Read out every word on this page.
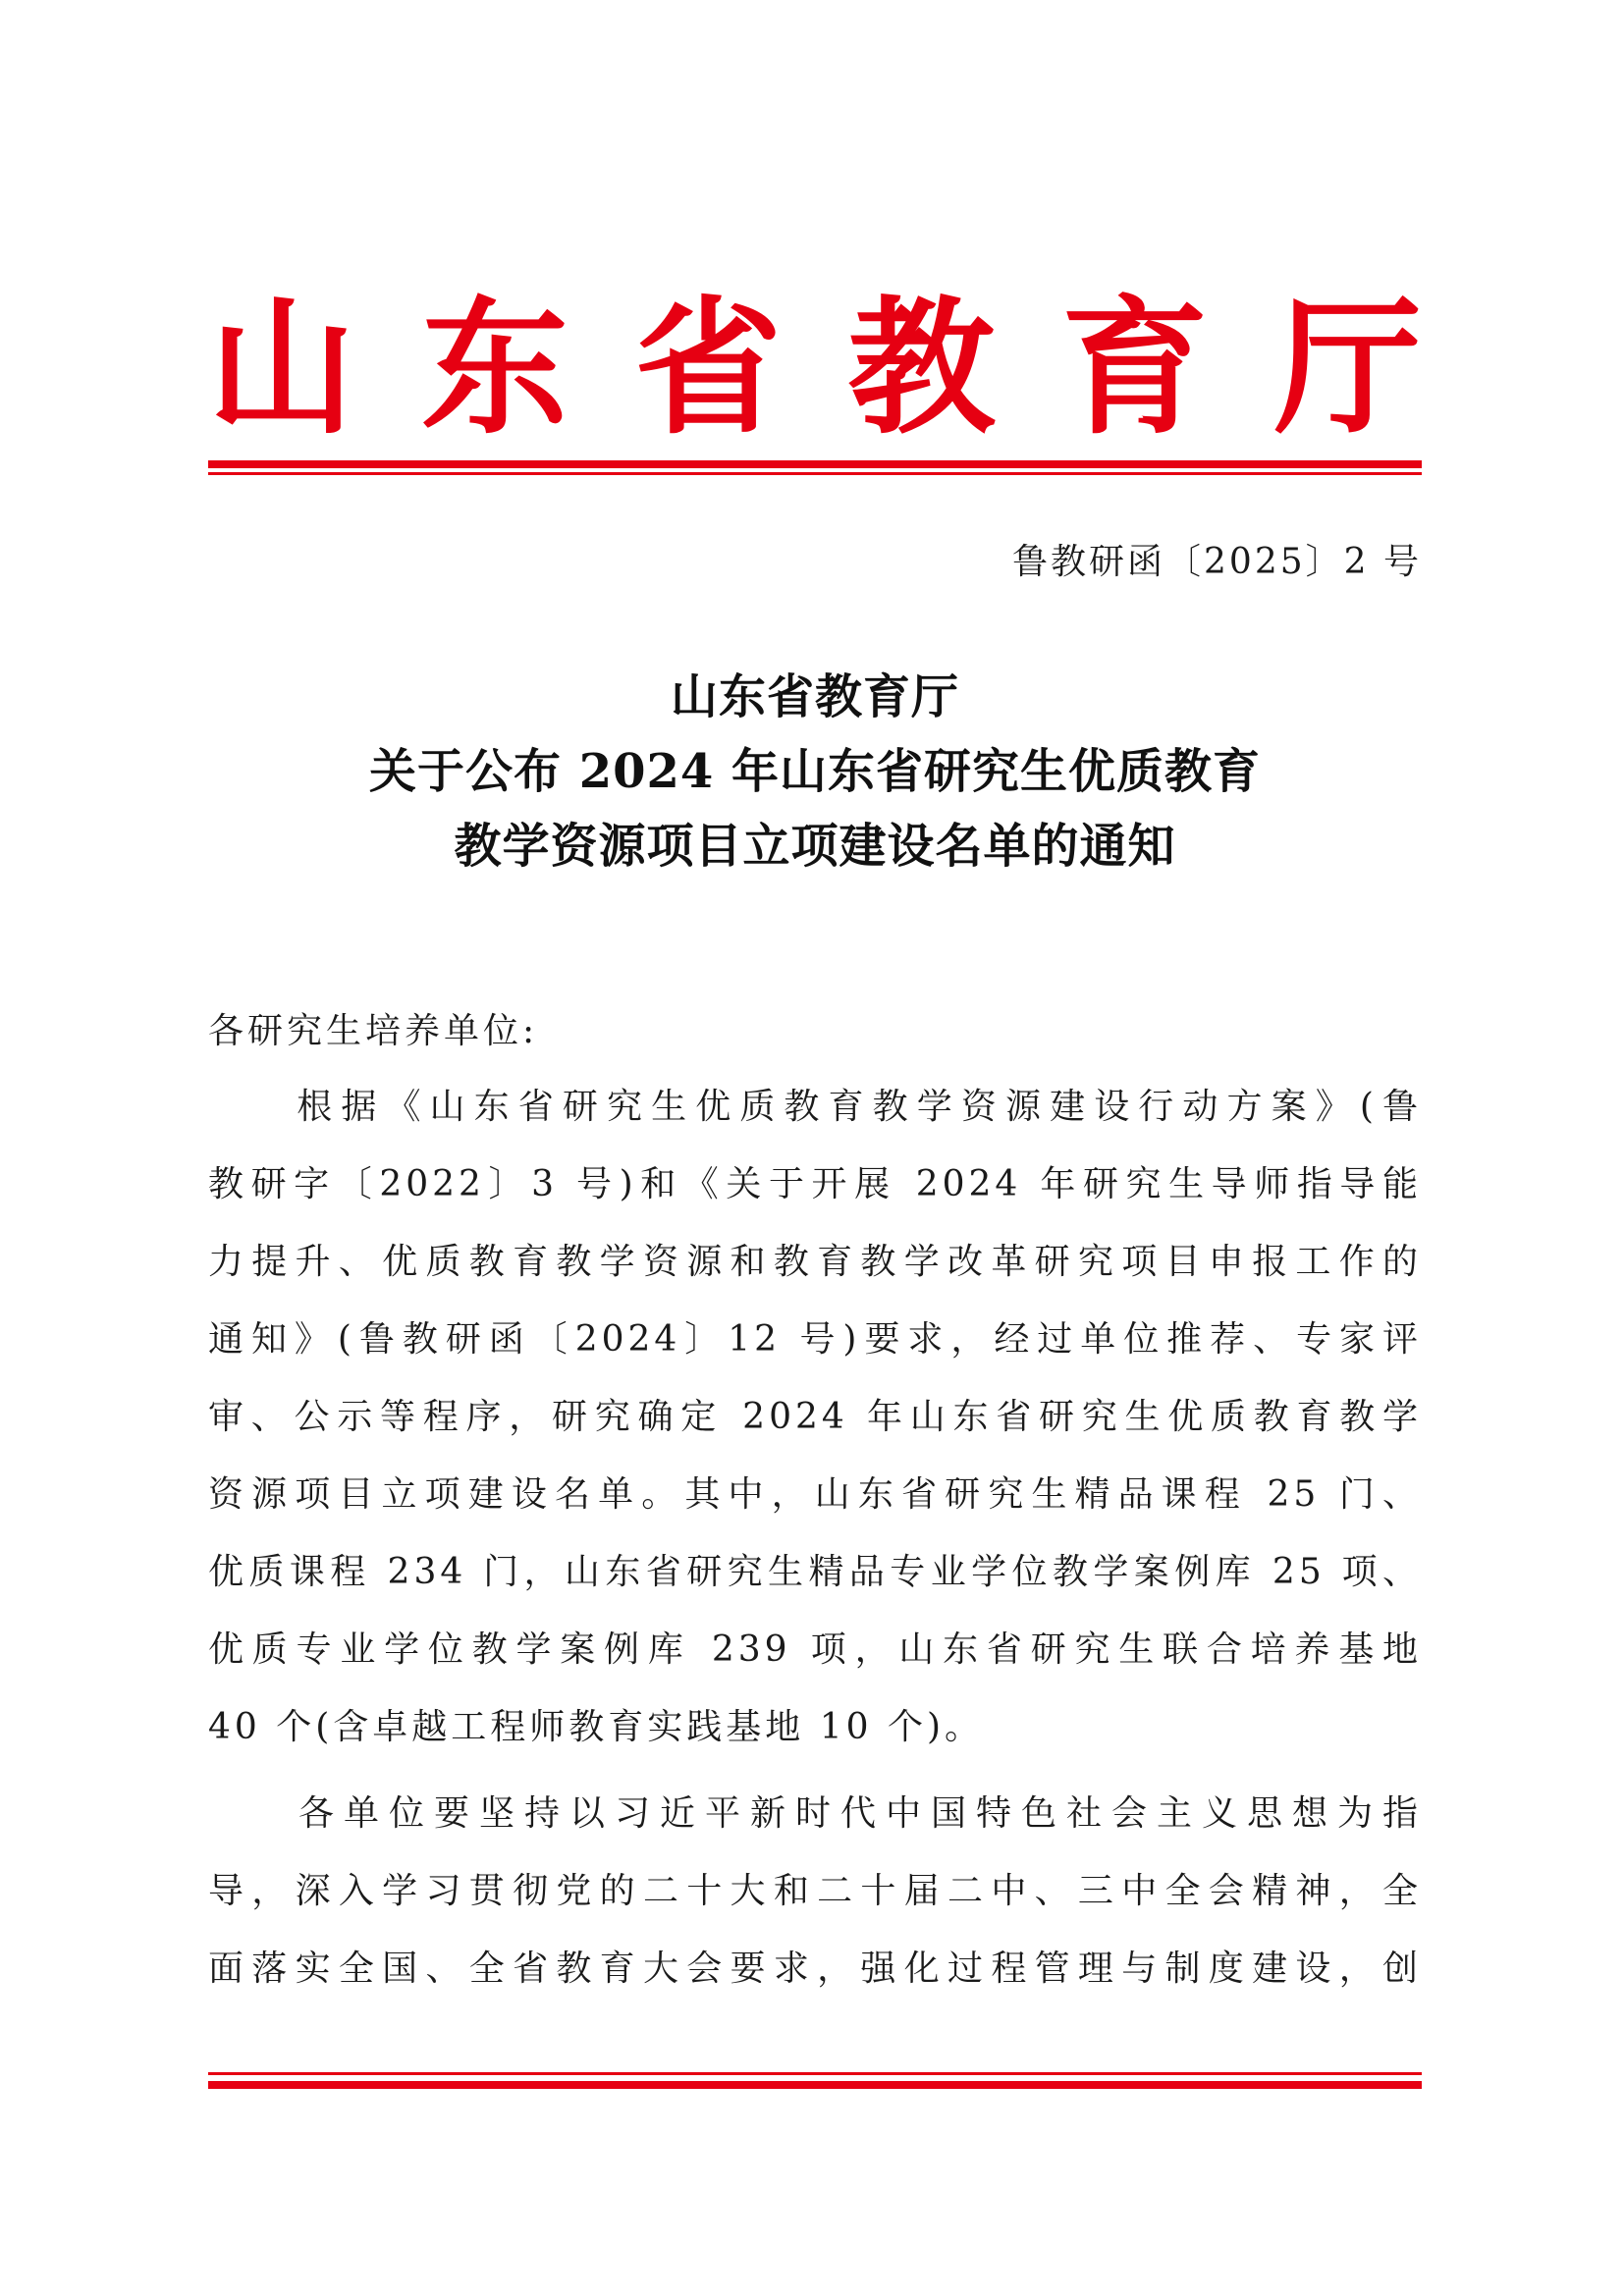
山 东 省 教 育 厅
鲁教研函〔2025〕2 号
山东省教育厅
关于公布 2024 年山东省研究生优质教育
教学资源项目立项建设名单的通知
各研究生培养单位:
　　根据《山东省研究生优质教育教学资源建设行动方案》(鲁
教研字〔2022〕3 号)和《关于开展 2024 年研究生导师指导能
力提升、优质教育教学资源和教育教学改革研究项目申报工作的
通知》(鲁教研函〔2024〕12 号)要求，经过单位推荐、专家评
审、公示等程序，研究确定 2024 年山东省研究生优质教育教学
资源项目立项建设名单。其中，山东省研究生精品课程 25 门、
优质课程 234 门，山东省研究生精品专业学位教学案例库 25 项、
优质专业学位教学案例库 239 项，山东省研究生联合培养基地
40 个(含卓越工程师教育实践基地 10 个)。
　　各单位要坚持以习近平新时代中国特色社会主义思想为指
导，深入学习贯彻党的二十大和二十届二中、三中全会精神，全
面落实全国、全省教育大会要求，强化过程管理与制度建设，创
